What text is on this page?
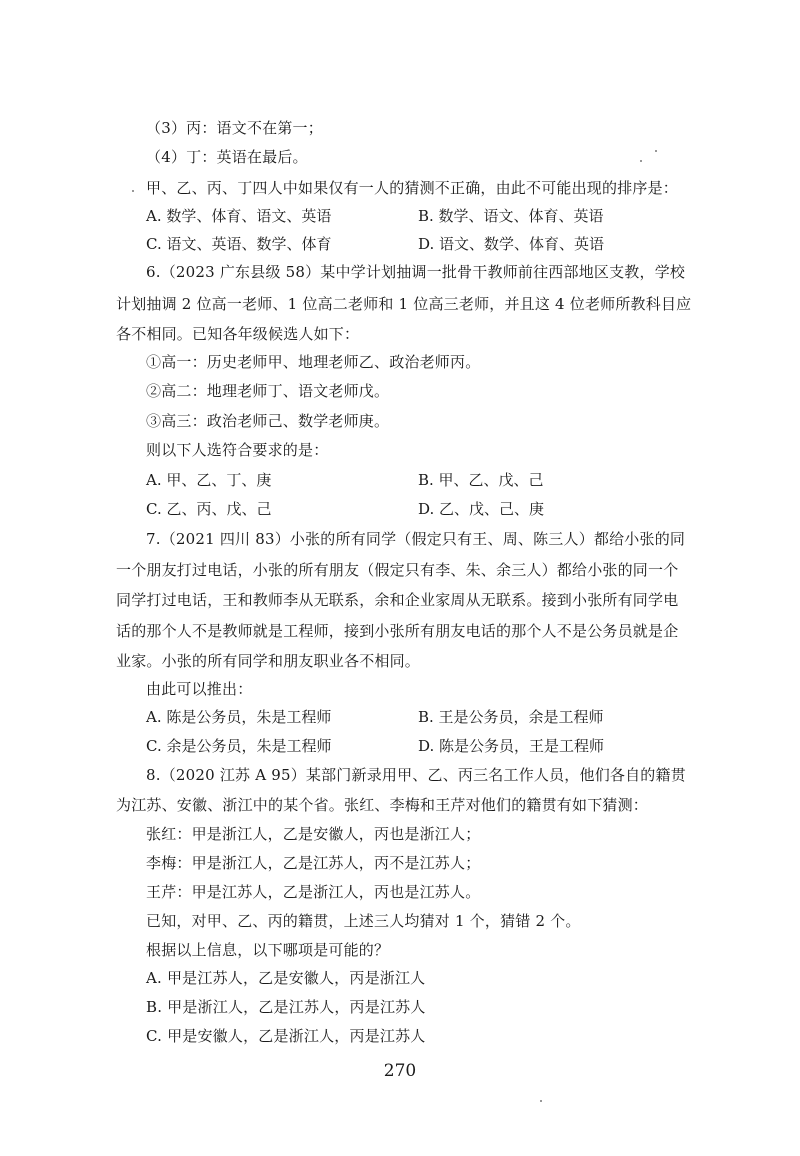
（3）丙：语文不在第一；
（4）丁：英语在最后。
甲、乙、丙、丁四人中如果仅有一人的猜测不正确，由此不可能出现的排序是：
A. 数学、体育、语文、英语	B. 数学、语文、体育、英语
C. 语文、英语、数学、体育	D. 语文、数学、体育、英语
6.（2023 广东县级 58）某中学计划抽调一批骨干教师前往西部地区支教，学校
计划抽调 2 位高一老师、1 位高二老师和 1 位高三老师，并且这 4 位老师所教科目应
各不相同。已知各年级候选人如下：
①高一：历史老师甲、地理老师乙、政治老师丙。
②高二：地理老师丁、语文老师戊。
③高三：政治老师己、数学老师庚。
则以下人选符合要求的是：
A. 甲、乙、丁、庚	B. 甲、乙、戊、己
C. 乙、丙、戊、己	D. 乙、戊、己、庚
7.（2021 四川 83）小张的所有同学（假定只有王、周、陈三人）都给小张的同
一个朋友打过电话，小张的所有朋友（假定只有李、朱、余三人）都给小张的同一个
同学打过电话，王和教师李从无联系，余和企业家周从无联系。接到小张所有同学电
话的那个人不是教师就是工程师，接到小张所有朋友电话的那个人不是公务员就是企
业家。小张的所有同学和朋友职业各不相同。
由此可以推出：
A. 陈是公务员，朱是工程师	B. 王是公务员，余是工程师
C. 余是公务员，朱是工程师	D. 陈是公务员，王是工程师
8.（2020 江苏 A 95）某部门新录用甲、乙、丙三名工作人员，他们各自的籍贯
为江苏、安徽、浙江中的某个省。张红、李梅和王芹对他们的籍贯有如下猜测：
张红：甲是浙江人，乙是安徽人，丙也是浙江人；
李梅：甲是浙江人，乙是江苏人，丙不是江苏人；
王芹：甲是江苏人，乙是浙江人，丙也是江苏人。
已知，对甲、乙、丙的籍贯，上述三人均猜对 1 个，猜错 2 个。
根据以上信息，以下哪项是可能的？
A. 甲是江苏人，乙是安徽人，丙是浙江人
B. 甲是浙江人，乙是江苏人，丙是江苏人
C. 甲是安徽人，乙是浙江人，丙是江苏人
270
